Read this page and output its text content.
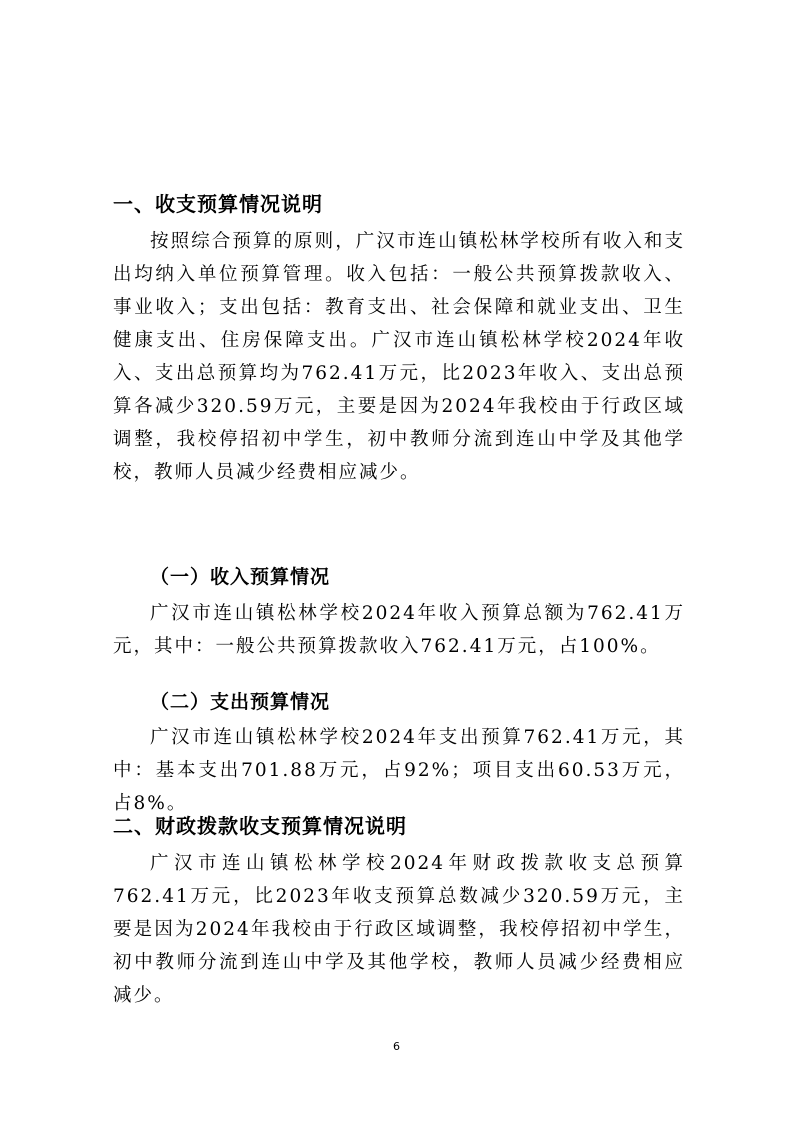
一、收支预算情况说明

按照综合预算的原则，广汉市连山镇松林学校所有收入和支出均纳入单位预算管理。收入包括：一般公共预算拨款收入、事业收入；支出包括：教育支出、社会保障和就业支出、卫生健康支出、住房保障支出。广汉市连山镇松林学校2024年收入、支出总预算均为762.41万元，比2023年收入、支出总预算各减少320.59万元，主要是因为2024年我校由于行政区域调整，我校停招初中学生，初中教师分流到连山中学及其他学校，教师人员减少经费相应减少。

（一）收入预算情况

广汉市连山镇松林学校2024年收入预算总额为762.41万元，其中：一般公共预算拨款收入762.41万元，占100%。

（二）支出预算情况

广汉市连山镇松林学校2024年支出预算762.41万元，其中：基本支出701.88万元，占92%；项目支出60.53万元，占8%。

二、财政拨款收支预算情况说明

广汉市连山镇松林学校2024年财政拨款收支总预算762.41万元，比2023年收支预算总数减少320.59万元，主要是因为2024年我校由于行政区域调整，我校停招初中学生，初中教师分流到连山中学及其他学校，教师人员减少经费相应减少。

6
